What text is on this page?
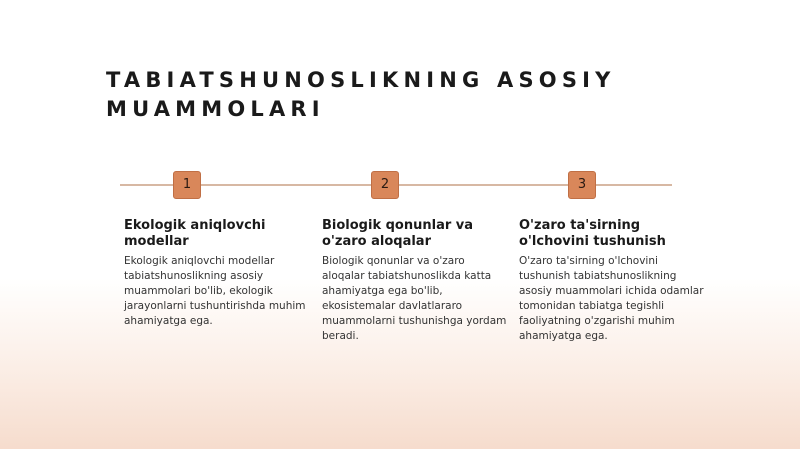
TABIATSHUNOSLIKNING ASOSIY
MUAMMOLARI
1	2	3
Ekologik aniqlovchi modellar
Ekologik aniqlovchi modellar tabiatshunoslikning asosiy muammolari bo'lib, ekologik jarayonlarni tushuntirishda muhim ahamiyatga ega.
Biologik qonunlar va o'zaro aloqalar
Biologik qonunlar va o'zaro aloqalar tabiatshunoslikda katta ahamiyatga ega bo'lib, ekosistemalar davlatlararo muammolarni tushunishga yordam beradi.
O'zaro ta'sirning o'lchovini tushunish
O'zaro ta'sirning o'lchovini tushunish tabiatshunoslikning asosiy muammolari ichida odamlar tomonidan tabiatga tegishli faoliyatning o'zgarishi muhim ahamiyatga ega.
